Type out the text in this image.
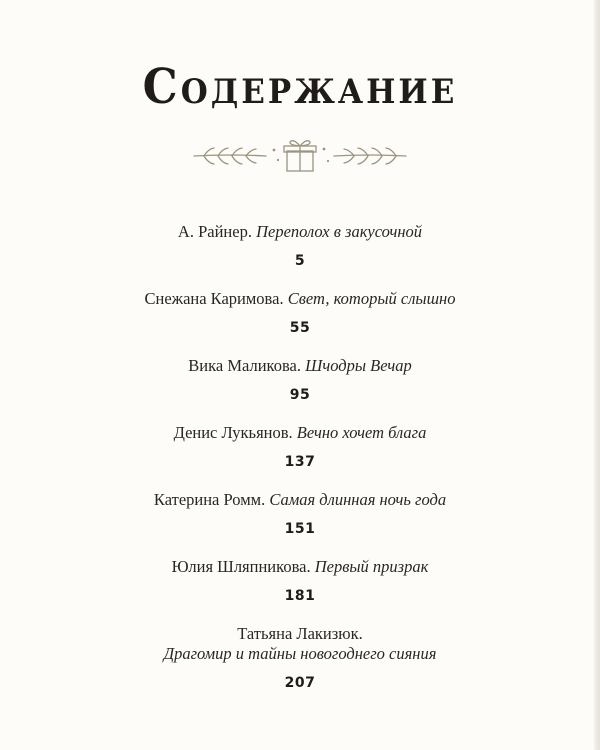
Содержание
А. Райнер. Переполох в закусочной
5
Снежана Каримова. Свет, который слышно
55
Вика Маликова. Шчодры Вечар
95
Денис Лукьянов. Вечно хочет блага
137
Катерина Ромм. Самая длинная ночь года
151
Юлия Шляпникова. Первый призрак
181
Татьяна Лакизюк.
Драгомир и тайны новогоднего сияния
207
